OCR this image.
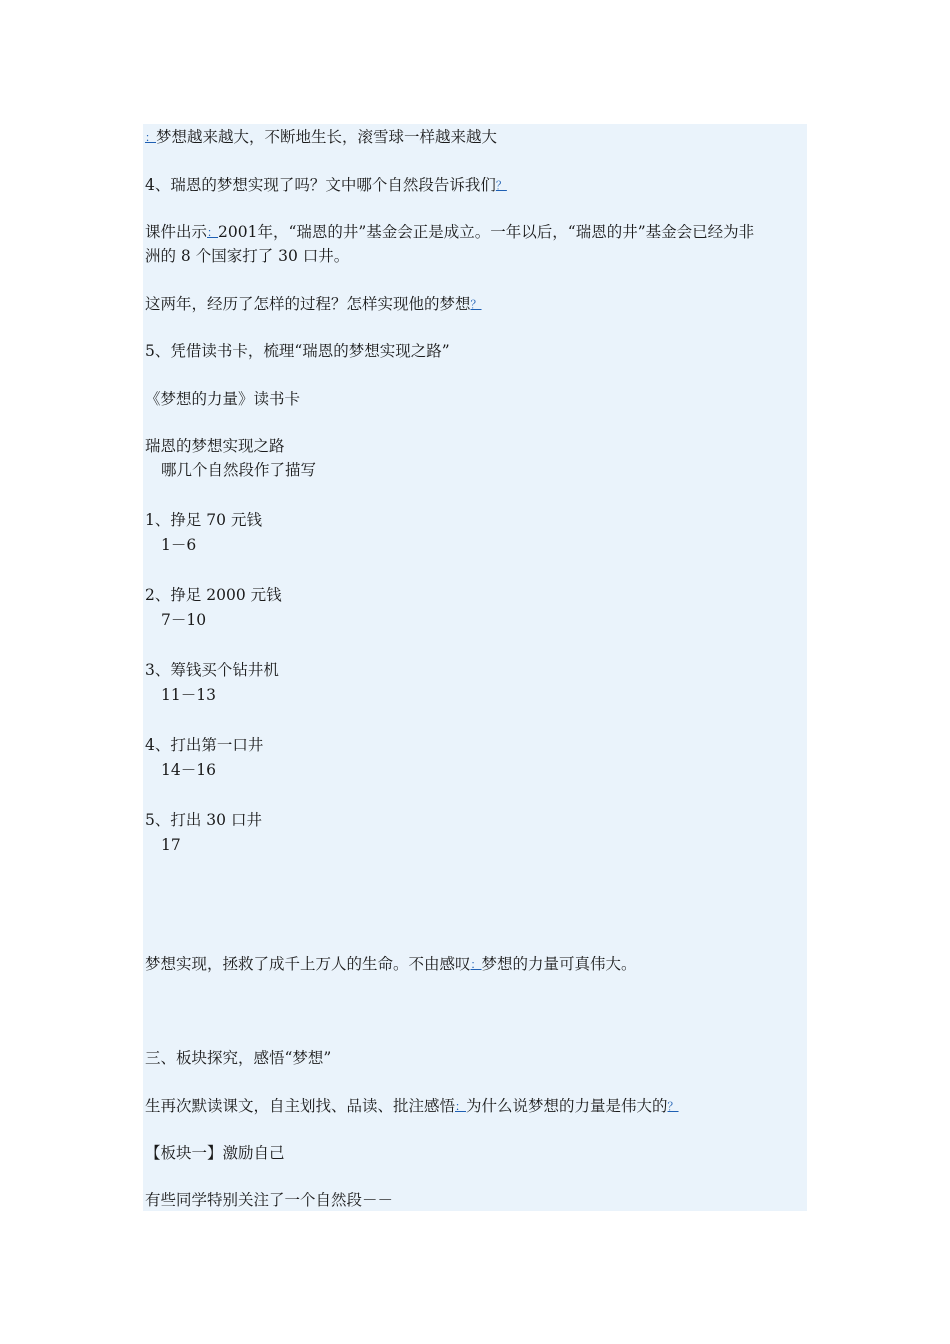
：梦想越来越大，不断地生长，滚雪球一样越来越大
4、瑞恩的梦想实现了吗？文中哪个自然段告诉我们？
课件出示：2001年，“瑞恩的井”基金会正是成立。一年以后，“瑞恩的井”基金会已经为非
洲的 8 个国家打了 30 口井。
这两年，经历了怎样的过程？怎样实现他的梦想？
5、凭借读书卡，梳理“瑞恩的梦想实现之路”
《梦想的力量》读书卡
瑞恩的梦想实现之路
哪几个自然段作了描写
1、挣足 70 元钱
1－6
2、挣足 2000 元钱
7－10
3、筹钱买个钻井机
11－13
4、打出第一口井
14－16
5、打出 30 口井
17
梦想实现，拯救了成千上万人的生命。不由感叹：梦想的力量可真伟大。
三、板块探究，感悟“梦想”
生再次默读课文，自主划找、品读、批注感悟：为什么说梦想的力量是伟大的？
【板块一】激励自己
有些同学特别关注了一个自然段－－
